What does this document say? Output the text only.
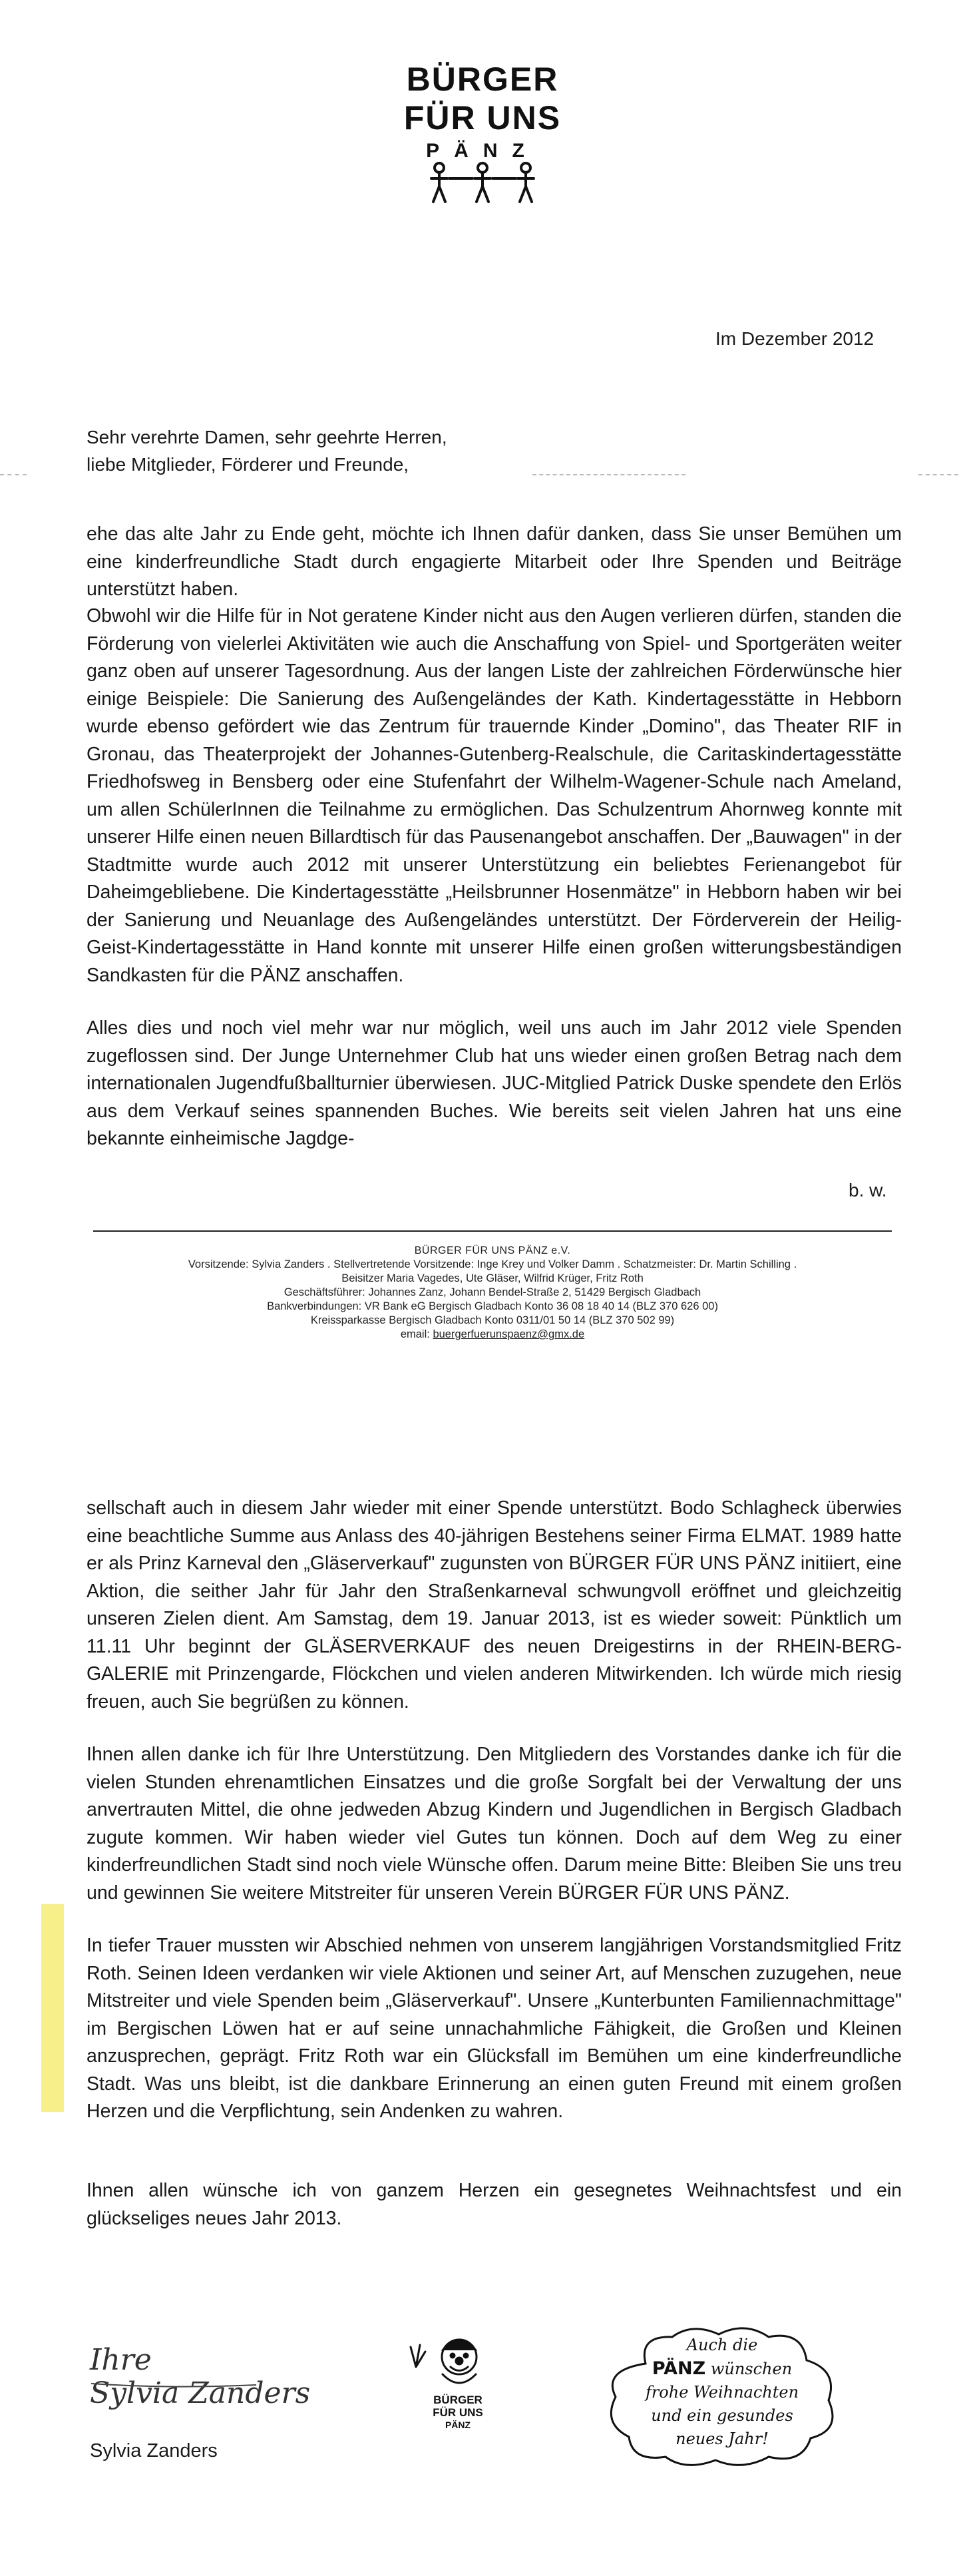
BÜRGER
FÜR UNS
PÄNZ
Im Dezember 2012
Sehr verehrte Damen, sehr geehrte Herren,
liebe Mitglieder, Förderer und Freunde,

ehe das alte Jahr zu Ende geht, möchte ich Ihnen dafür danken, dass Sie unser Bemühen um eine kinderfreundliche Stadt durch engagierte Mitarbeit oder Ihre Spenden und Beiträge unterstützt haben.

Obwohl wir die Hilfe für in Not geratene Kinder nicht aus den Augen verlieren dürfen, standen die Förderung von vielerlei Aktivitäten wie auch die Anschaffung von Spiel- und Sportgeräten weiter ganz oben auf unserer Tagesordnung. Aus der langen Liste der zahlreichen Förderwünsche hier einige Beispiele: Die Sanierung des Außengeländes der Kath. Kindertagesstätte in Hebborn wurde ebenso gefördert wie das Zentrum für trauernde Kinder „Domino", das Theater RIF in Gronau, das Theaterprojekt der Johannes-Gutenberg-Realschule, die Caritaskindertagesstätte Friedhofsweg in Bensberg oder eine Stufenfahrt der Wilhelm-Wagener-Schule nach Ameland, um allen SchülerInnen die Teilnahme zu ermöglichen. Das Schulzentrum Ahornweg konnte mit unserer Hilfe einen neuen Billardtisch für das Pausenangebot anschaffen. Der „Bauwagen" in der Stadtmitte wurde auch 2012 mit unserer Unterstützung ein beliebtes Ferienangebot für Daheimgebliebene. Die Kindertagesstätte „Heilsbrunner Hosenmätze" in Hebborn haben wir bei der Sanierung und Neuanlage des Außengeländes unterstützt. Der Förderverein der Heilig-Geist-Kindertagesstätte in Hand konnte mit unserer Hilfe einen großen witterungsbeständigen Sandkasten für die PÄNZ anschaffen.

Alles dies und noch viel mehr war nur möglich, weil uns auch im Jahr 2012 viele Spenden zugeflossen sind. Der Junge Unternehmer Club hat uns wieder einen großen Betrag nach dem internationalen Jugendfußballturnier überwiesen. JUC-Mitglied Patrick Duske spendete den Erlös aus dem Verkauf seines spannenden Buches. Wie bereits seit vielen Jahren hat uns eine bekannte einheimische Jagdge-

b. w.
BÜRGER FÜR UNS PÄNZ e.V.
Vorsitzende: Sylvia Zanders . Stellvertretende Vorsitzende: Inge Krey und Volker Damm . Schatzmeister: Dr. Martin Schilling .
Beisitzer Maria Vagedes, Ute Gläser, Wilfrid Krüger, Fritz Roth
Geschäftsführer: Johannes Zanz, Johann Bendel-Straße 2, 51429 Bergisch Gladbach
Bankverbindungen: VR Bank eG Bergisch Gladbach Konto 36 08 18 40 14 (BLZ 370 626 00)
Kreissparkasse Bergisch Gladbach Konto 0311/01 50 14 (BLZ 370 502 99)
email: buergerfuerunspaenz@gmx.de

sellschaft auch in diesem Jahr wieder mit einer Spende unterstützt. Bodo Schlagheck überwies eine beachtliche Summe aus Anlass des 40-jährigen Bestehens seiner Firma ELMAT. 1989 hatte er als Prinz Karneval den „Gläserverkauf" zugunsten von BÜRGER FÜR UNS PÄNZ initiiert, eine Aktion, die seither Jahr für Jahr den Straßenkarneval schwungvoll eröffnet und gleichzeitig unseren Zielen dient. Am Samstag, dem 19. Januar 2013, ist es wieder soweit: Pünktlich um 11.11 Uhr beginnt der GLÄSERVERKAUF des neuen Dreigestirns in der RHEIN-BERG-GALERIE mit Prinzengarde, Flöckchen und vielen anderen Mitwirkenden. Ich würde mich riesig freuen, auch Sie begrüßen zu können.

Ihnen allen danke ich für Ihre Unterstützung. Den Mitgliedern des Vorstandes danke ich für die vielen Stunden ehrenamtlichen Einsatzes und die große Sorgfalt bei der Verwaltung der uns anvertrauten Mittel, die ohne jedweden Abzug Kindern und Jugendlichen in Bergisch Gladbach zugute kommen. Wir haben wieder viel Gutes tun können. Doch auf dem Weg zu einer kinderfreundlichen Stadt sind noch viele Wünsche offen. Darum meine Bitte: Bleiben Sie uns treu und gewinnen Sie weitere Mitstreiter für unseren Verein BÜRGER FÜR UNS PÄNZ.

In tiefer Trauer mussten wir Abschied nehmen von unserem langjährigen Vorstandsmitglied Fritz Roth. Seinen Ideen verdanken wir viele Aktionen und seiner Art, auf Menschen zuzugehen, neue Mitstreiter und viele Spenden beim „Gläserverkauf". Unsere „Kunterbunten Familiennachmittage" im Bergischen Löwen hat er auf seine unnachahmliche Fähigkeit, die Großen und Kleinen anzusprechen, geprägt. Fritz Roth war ein Glücksfall im Bemühen um eine kinderfreundliche Stadt. Was uns bleibt, ist die dankbare Erinnerung an einen guten Freund mit einem großen Herzen und die Verpflichtung, sein Andenken zu wahren.

Ihnen allen wünsche ich von ganzem Herzen ein gesegnetes Weihnachtsfest und ein glückseliges neues Jahr 2013.

Ihre
Sylvia Zanders
Sylvia Zanders
BÜRGER
FÜR UNS
PÄNZ
Auch die
PÄNZ wünschen
frohe Weihnachten
und ein gesundes
neues Jahr!
